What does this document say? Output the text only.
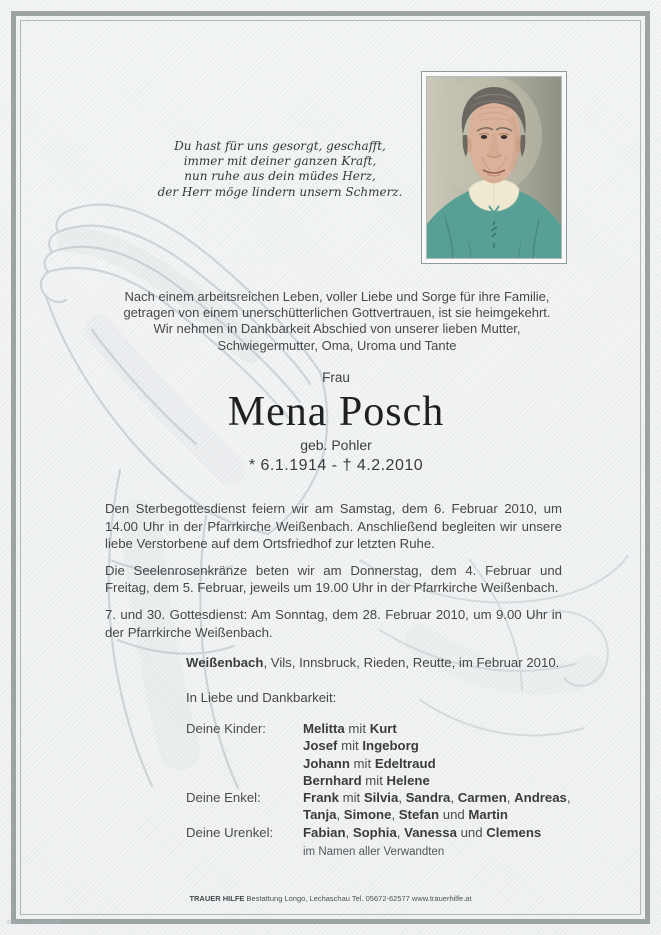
Du hast für uns gesorgt, geschafft,
immer mit deiner ganzen Kraft,
nun ruhe aus dein müdes Herz,
der Herr möge lindern unsern Schmerz.
Nach einem arbeitsreichen Leben, voller Liebe und Sorge für ihre Familie,
getragen von einem unerschütterlichen Gottvertrauen, ist sie heimgekehrt.
Wir nehmen in Dankbarkeit Abschied von unserer lieben Mutter,
Schwiegermutter, Oma, Uroma und Tante
Frau
Mena Posch
geb. Pohler
* 6.1.1914 - † 4.2.2010

Den Sterbegottesdienst feiern wir am Samstag, dem 6. Februar 2010, um 14.00 Uhr in der Pfarrkirche Weißenbach. Anschließend begleiten wir unsere liebe Verstorbene auf dem Ortsfriedhof zur letzten Ruhe.

Die Seelenrosenkränze beten wir am Donnerstag, dem 4. Februar und Freitag, dem 5. Februar, jeweils um 19.00 Uhr in der Pfarrkirche Weißenbach.

7. und 30. Gottesdienst: Am Sonntag, dem 28. Februar 2010, um 9.00 Uhr in der Pfarrkirche Weißenbach.

Weißenbach, Vils, Innsbruck, Rieden, Reutte, im Februar 2010.
In Liebe und Dankbarkeit:
Deine Kinder:	Melitta mit Kurt
Josef mit Ingeborg
Johann mit Edeltraud
Bernhard mit Helene
Deine Enkel:	Frank mit Silvia, Sandra, Carmen, Andreas,
Tanja, Simone, Stefan und Martin
Deine Urenkel:	Fabian, Sophia, Vanessa und Clemens
im Namen aller Verwandten
TRAUER HILFE Bestattung Longo, Lechaschau Tel. 05672-62577 www.trauerhilfe.at
© De.L. - Abschied M
